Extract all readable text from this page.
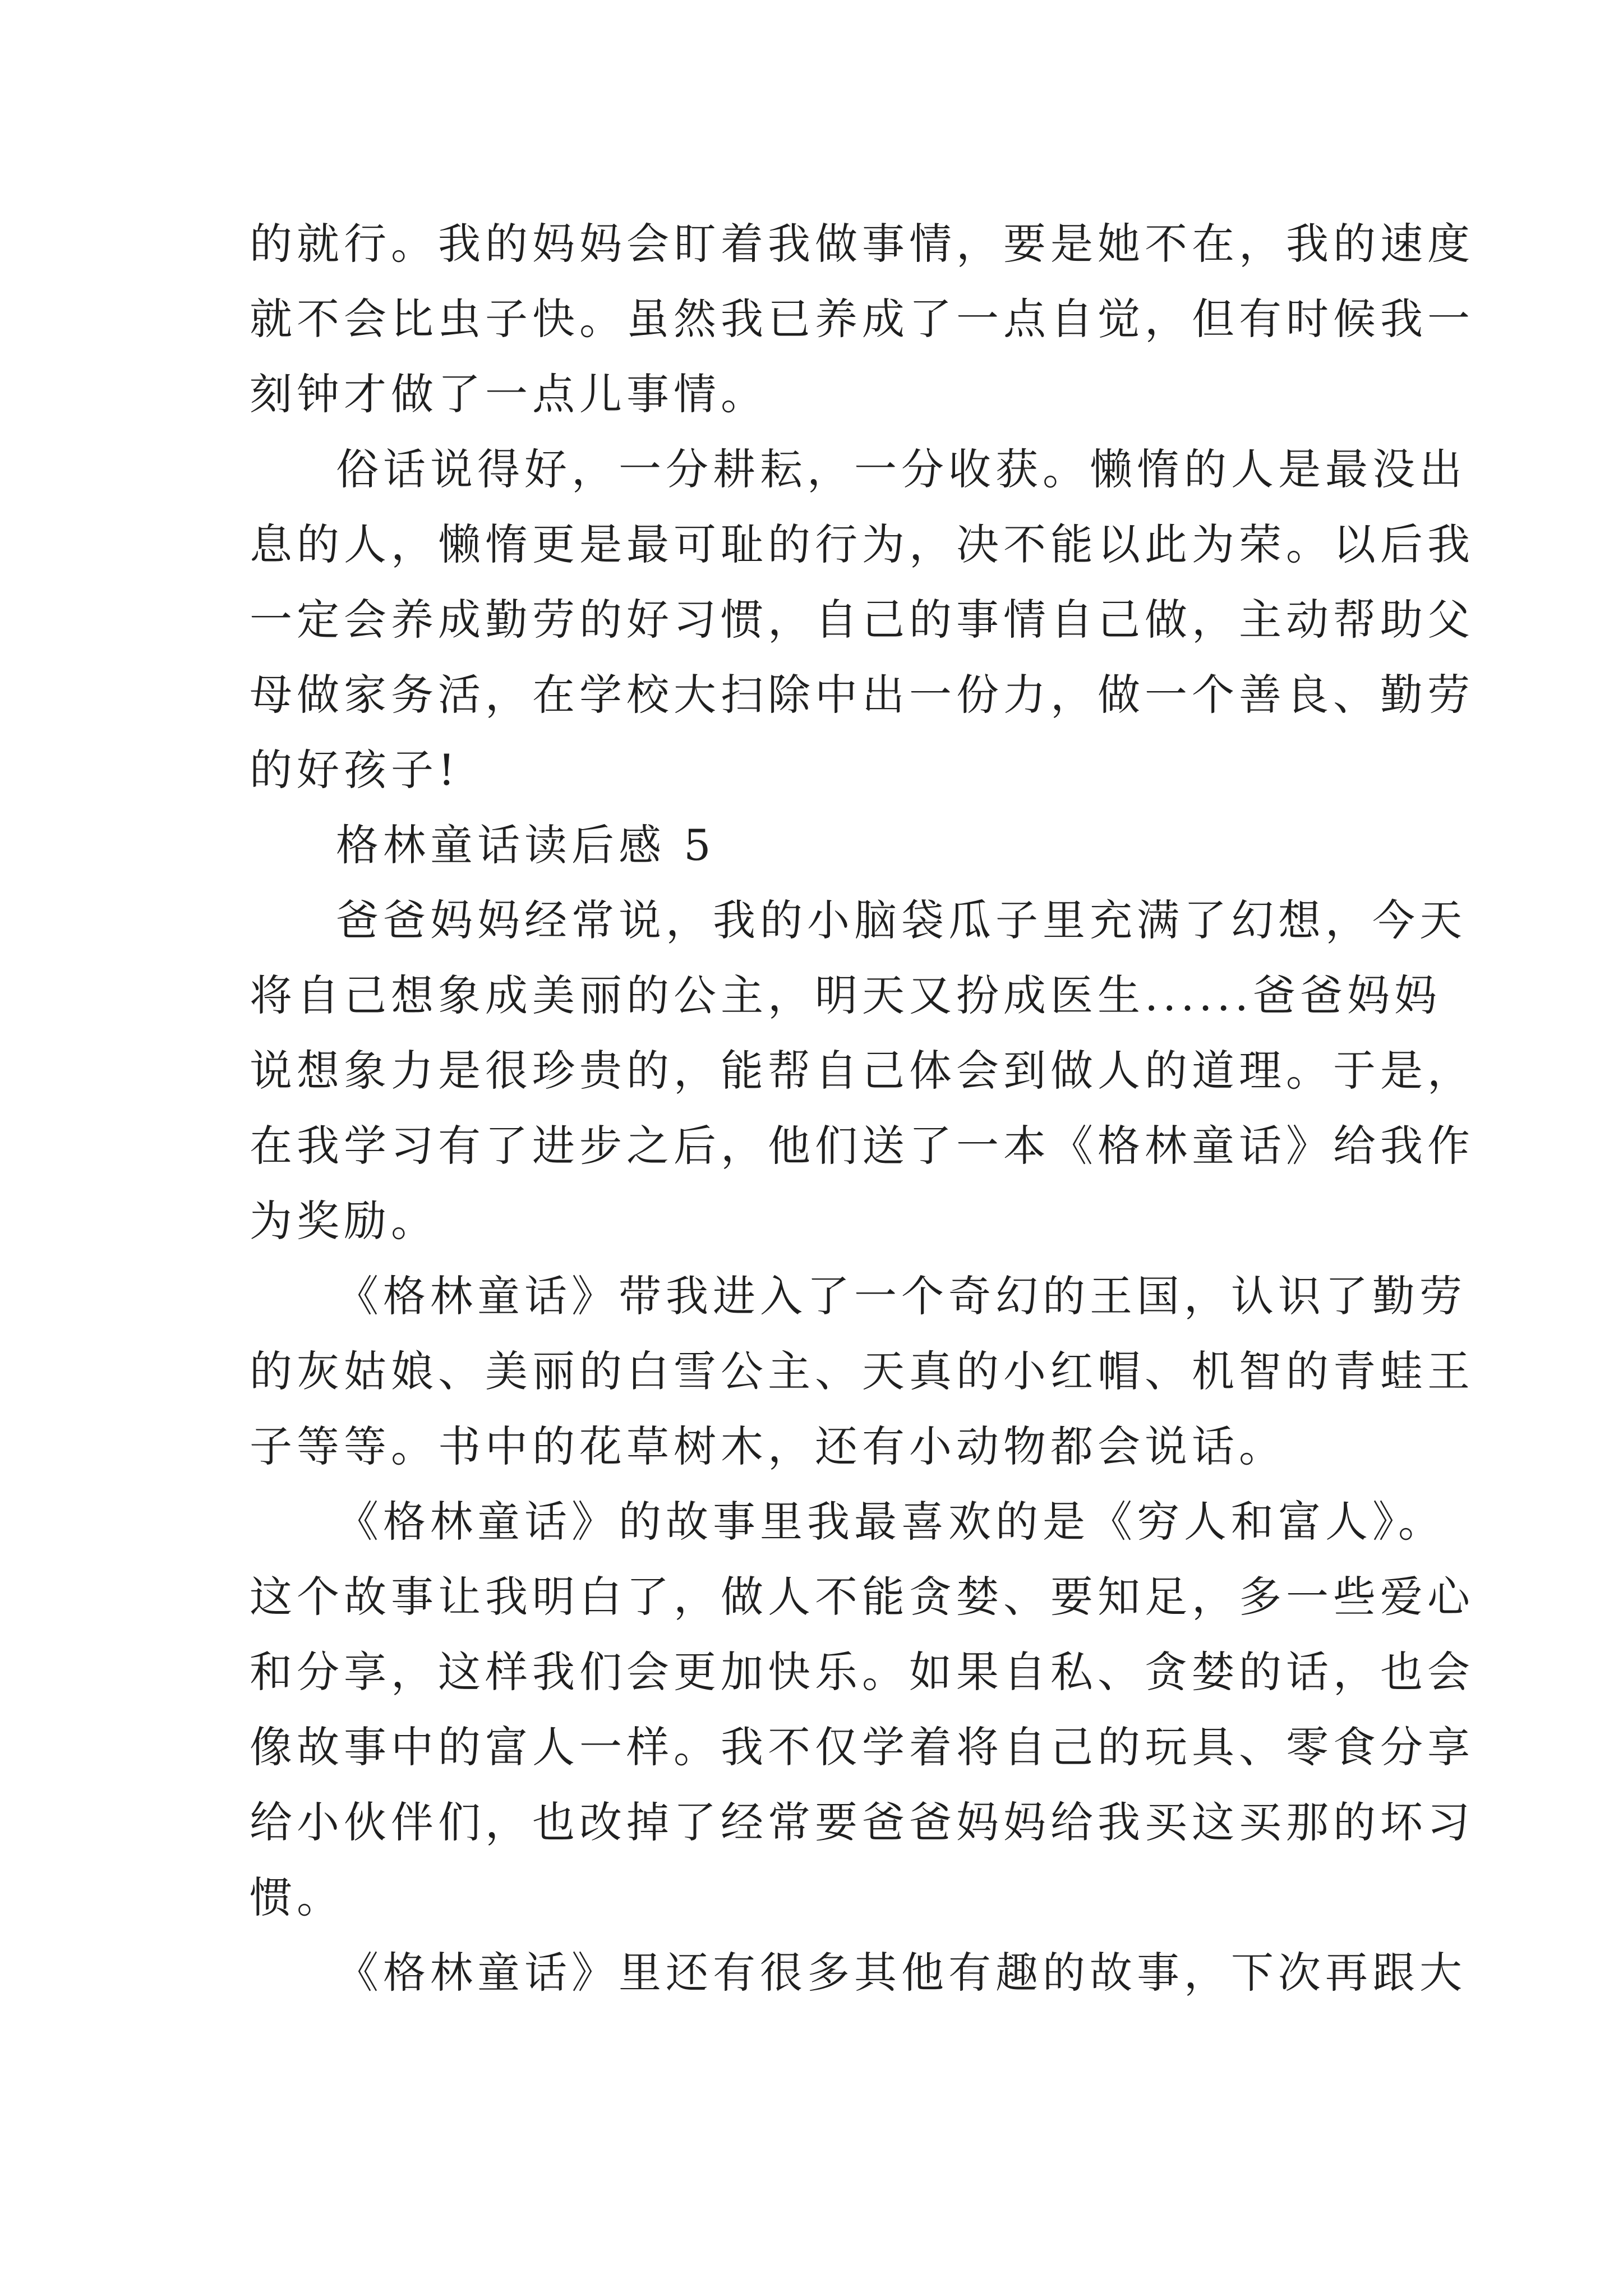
的就行。我的妈妈会盯着我做事情，要是她不在，我的速度
就不会比虫子快。虽然我已养成了一点自觉，但有时候我一
刻钟才做了一点儿事情。
俗话说得好，一分耕耘，一分收获。懒惰的人是最没出
息的人，懒惰更是最可耻的行为，决不能以此为荣。以后我
一定会养成勤劳的好习惯，自己的事情自己做，主动帮助父
母做家务活，在学校大扫除中出一份力，做一个善良、勤劳
的好孩子!
格林童话读后感 5
爸爸妈妈经常说，我的小脑袋瓜子里充满了幻想，今天
将自己想象成美丽的公主，明天又扮成医生......爸爸妈妈
说想象力是很珍贵的，能帮自己体会到做人的道理。于是，
在我学习有了进步之后，他们送了一本《格林童话》给我作
为奖励。
《格林童话》带我进入了一个奇幻的王国，认识了勤劳
的灰姑娘、美丽的白雪公主、天真的小红帽、机智的青蛙王
子等等。书中的花草树木，还有小动物都会说话。
《格林童话》的故事里我最喜欢的是《穷人和富人》。
这个故事让我明白了，做人不能贪婪、要知足，多一些爱心
和分享，这样我们会更加快乐。如果自私、贪婪的话，也会
像故事中的富人一样。我不仅学着将自己的玩具、零食分享
给小伙伴们，也改掉了经常要爸爸妈妈给我买这买那的坏习
惯。
《格林童话》里还有很多其他有趣的故事，下次再跟大
